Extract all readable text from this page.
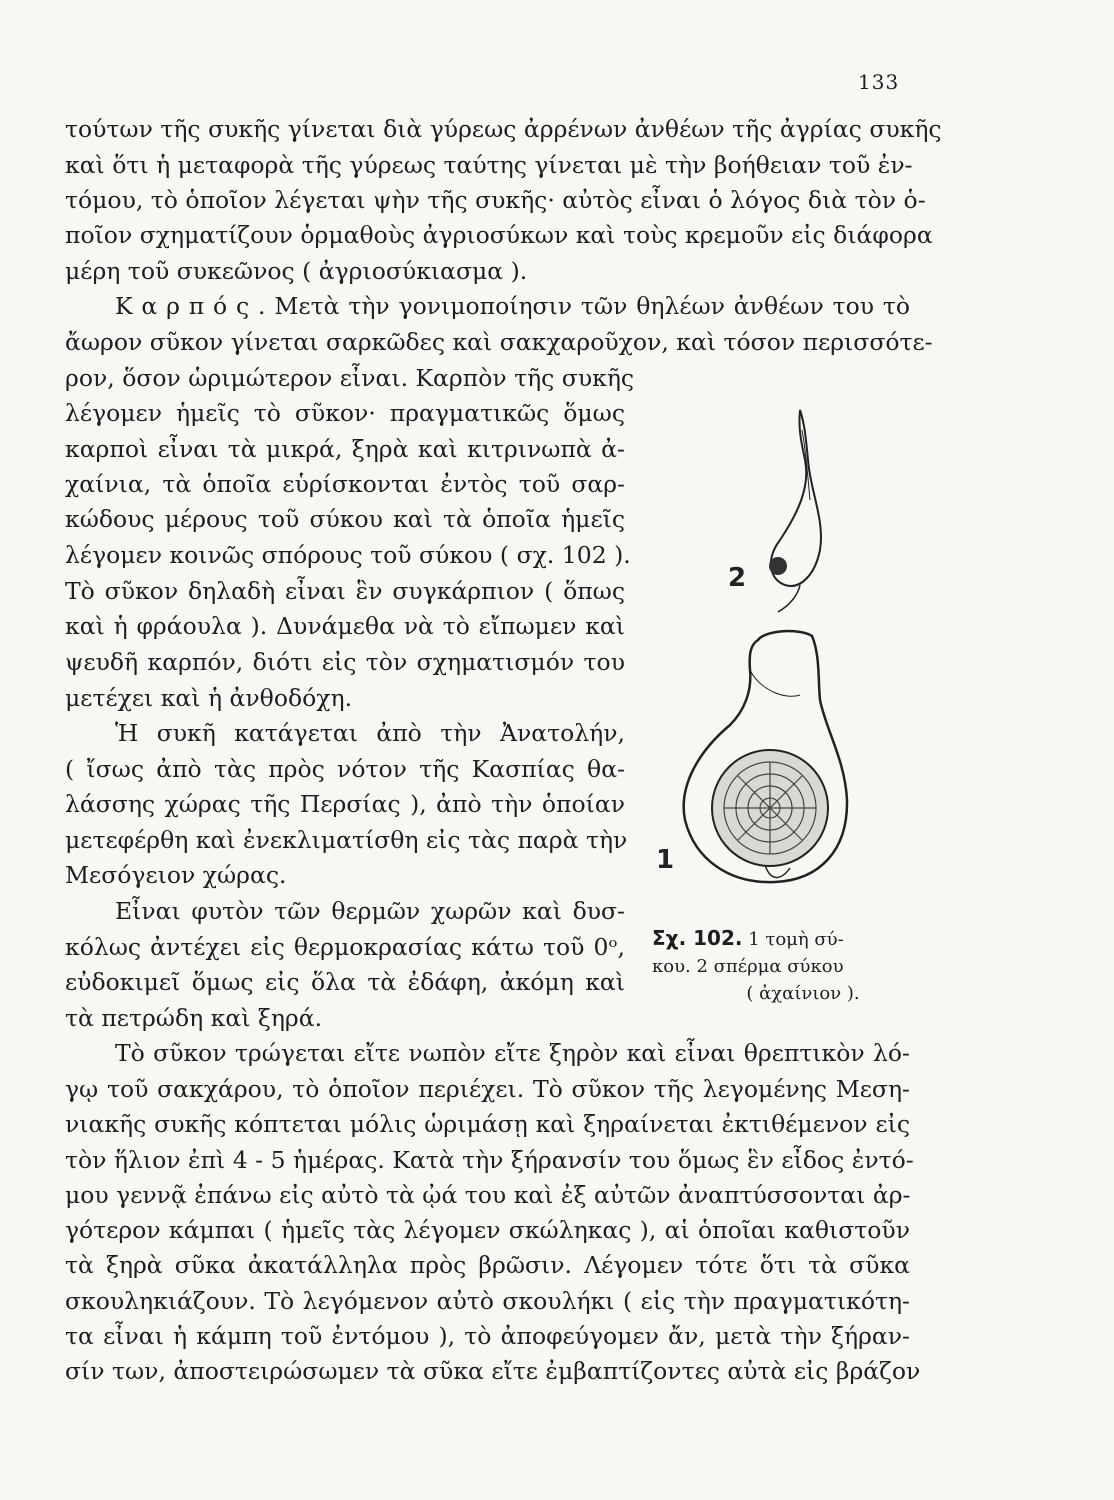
133
τούτων τῆς συκῆς γίνεται διὰ γύρεως ἀρρένων ἀνθέων τῆς ἀγρίας συκῆς
καὶ ὅτι ἡ μεταφορὰ τῆς γύρεως ταύτης γίνεται μὲ τὴν βοήθειαν τοῦ ἐν-
τόμου, τὸ ὁποῖον λέγεται ψὴν τῆς συκῆς· αὐτὸς εἶναι ὁ λόγος διὰ τὸν ὁ-
ποῖον σχηματίζουν ὁρμαθοὺς ἀγριοσύκων καὶ τοὺς κρεμοῦν εἰς διάφορα
μέρη τοῦ συκεῶνος ( ἀγριοσύκιασμα ).
Κ α ρ π ό ς . Μετὰ τὴν γονιμοποίησιν τῶν θηλέων ἀνθέων του τὸ
ἄωρον σῦκον γίνεται σαρκῶδες καὶ σακχαροῦχον, καὶ τόσον περισσότε-
ρον, ὅσον ὡριμώτερον εἶναι. Καρπὸν τῆς συκῆς
λέγομεν ἡμεῖς τὸ σῦκον· πραγματικῶς ὅμως
καρποὶ εἶναι τὰ μικρά, ξηρὰ καὶ κιτρινωπὰ ἀ-
χαίνια, τὰ ὁποῖα εὑρίσκονται ἐντὸς τοῦ σαρ-
κώδους μέρους τοῦ σύκου καὶ τὰ ὁποῖα ἡμεῖς
λέγομεν κοινῶς σπόρους τοῦ σύκου ( σχ. 102 ).
Τὸ σῦκον δηλαδὴ εἶναι ἓν συγκάρπιον ( ὅπως
καὶ ἡ φράουλα ). Δυνάμεθα νὰ τὸ εἴπωμεν καὶ
ψευδῆ καρπόν, διότι εἰς τὸν σχηματισμόν του
μετέχει καὶ ἡ ἀνθοδόχη.
Ἡ συκῆ κατάγεται ἀπὸ τὴν Ἀνατολήν,
( ἴσως ἀπὸ τὰς πρὸς νότον τῆς Κασπίας θα-
λάσσης χώρας τῆς Περσίας ), ἀπὸ τὴν ὁποίαν
μετεφέρθη καὶ ἐνεκλιματίσθη εἰς τὰς παρὰ τὴν
Μεσόγειον χώρας.
Εἶναι φυτὸν τῶν θερμῶν χωρῶν καὶ δυσ-
κόλως ἀντέχει εἰς θερμοκρασίας κάτω τοῦ 0ᵒ,
εὐδοκιμεῖ ὅμως εἰς ὅλα τὰ ἐδάφη, ἀκόμη καὶ
τὰ πετρώδη καὶ ξηρά.
Τὸ σῦκον τρώγεται εἴτε νωπὸν εἴτε ξηρὸν καὶ εἶναι θρεπτικὸν λό-
γῳ τοῦ σακχάρου, τὸ ὁποῖον περιέχει. Τὸ σῦκον τῆς λεγομένης Μεση-
νιακῆς συκῆς κόπτεται μόλις ὡριμάσῃ καὶ ξηραίνεται ἐκτιθέμενον εἰς
τὸν ἥλιον ἐπὶ 4 - 5 ἡμέρας. Κατὰ τὴν ξήρανσίν του ὅμως ἓν εἶδος ἐντό-
μου γεννᾷ ἐπάνω εἰς αὐτὸ τὰ ᾠά του καὶ ἐξ αὐτῶν ἀναπτύσσονται ἀρ-
γότερον κάμπαι ( ἡμεῖς τὰς λέγομεν σκώληκας ), αἱ ὁποῖαι καθιστοῦν
τὰ ξηρὰ σῦκα ἀκατάλληλα πρὸς βρῶσιν. Λέγομεν τότε ὅτι τὰ σῦκα
σκουληκιάζουν. Τὸ λεγόμενον αὐτὸ σκουλήκι ( εἰς τὴν πραγματικότη-
τα εἶναι ἡ κάμπη τοῦ ἐντόμου ), τὸ ἀποφεύγομεν ἄν, μετὰ τὴν ξήραν-
σίν των, ἀποστειρώσωμεν τὰ σῦκα εἴτε ἐμβαπτίζοντες αὐτὰ εἰς βράζον
2
1
Σχ. 102. 1 τομὴ σύ-
κου. 2 σπέρμα σύκου

( ἀχαίνιον ).
